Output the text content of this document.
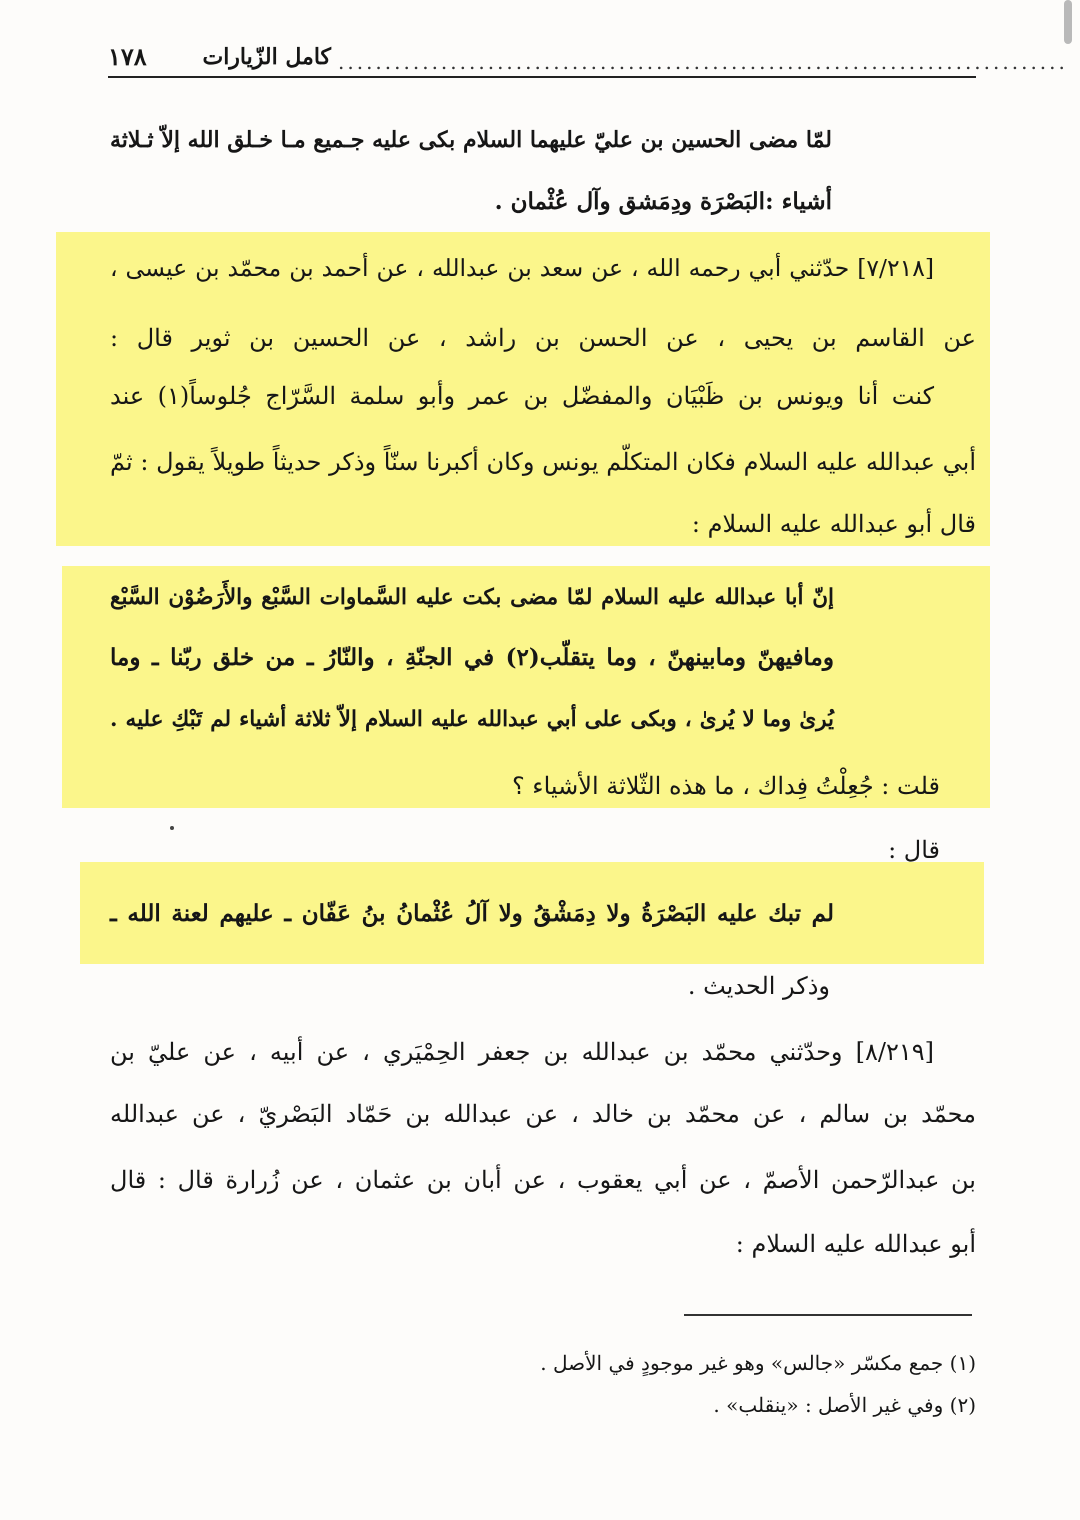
١٧٨	..............................................................................
كامل الزّيارات
لمّا مضى الحسين بن عليّ عليهما السلام بكى عليه جـميع مـا خـلق الله إلاّ ثـلاثة
أشياء :البَصْرَة ودِمَشق وآل عُثْمان .
[٧/٢١٨] حدّثني أبي رحمه الله ، عن سعد بن عبدالله ، عن أحمد بن محمّد بن عيسى ،
عن القاسم بن يحيى ، عن الحسن بن راشد ، عن الحسين بن ثوير قال :
كنت أنا ويونس بن ظَبْيَان والمفضّل بن عمر وأبو سلمة السَّرّاج جُلوساً(١) عند
أبي عبدالله عليه السلام فكان المتكلّم يونس وكان أكبرنا سنّاً وذكر حديثاً طويلاً يقول : ثمّ
قال أبو عبدالله عليه السلام :
إنّ أبا عبدالله عليه السلام لمّا مضى بكت عليه السَّماوات السَّبْع والأَرَضُوْن السَّبْع
ومافيهنّ ومابينهنّ ، وما يتقلّب(٢) في الجنّةِ ، والنّارُ ـ من خلق ربّنا ـ وما
يُرىٰ وما لا يُرىٰ ، وبكى على أبي عبدالله عليه السلام إلاّ ثلاثة أشياء لم تَبْكِ عليه .
قلت : جُعِلْتُ فِداك ، ما هذه الثّلاثة الأشياء ؟
قال :
لم تبك عليه البَصْرَةُ ولا دِمَشْقُ ولا آلُ عُثْمانُ بنُ عَفّان ـ عليهم لعنة الله ـ
وذكر الحديث .
[٨/٢١٩] وحدّثني محمّد بن عبدالله بن جعفر الحِمْيَري ، عن أبيه ، عن عليّ بن
محمّد بن سالم ، عن محمّد بن خالد ، عن عبدالله بن حَمّاد البَصْريّ ، عن عبدالله
بن عبدالرّحمن الأصمّ ، عن أبي يعقوب ، عن أبان بن عثمان ، عن زُرارة قال : قال
أبو عبدالله عليه السلام :
(١) جمع مكسّر «جالس» وهو غير موجودٍ في الأصل .
(٢) وفي غير الأصل : «ينقلب» .
